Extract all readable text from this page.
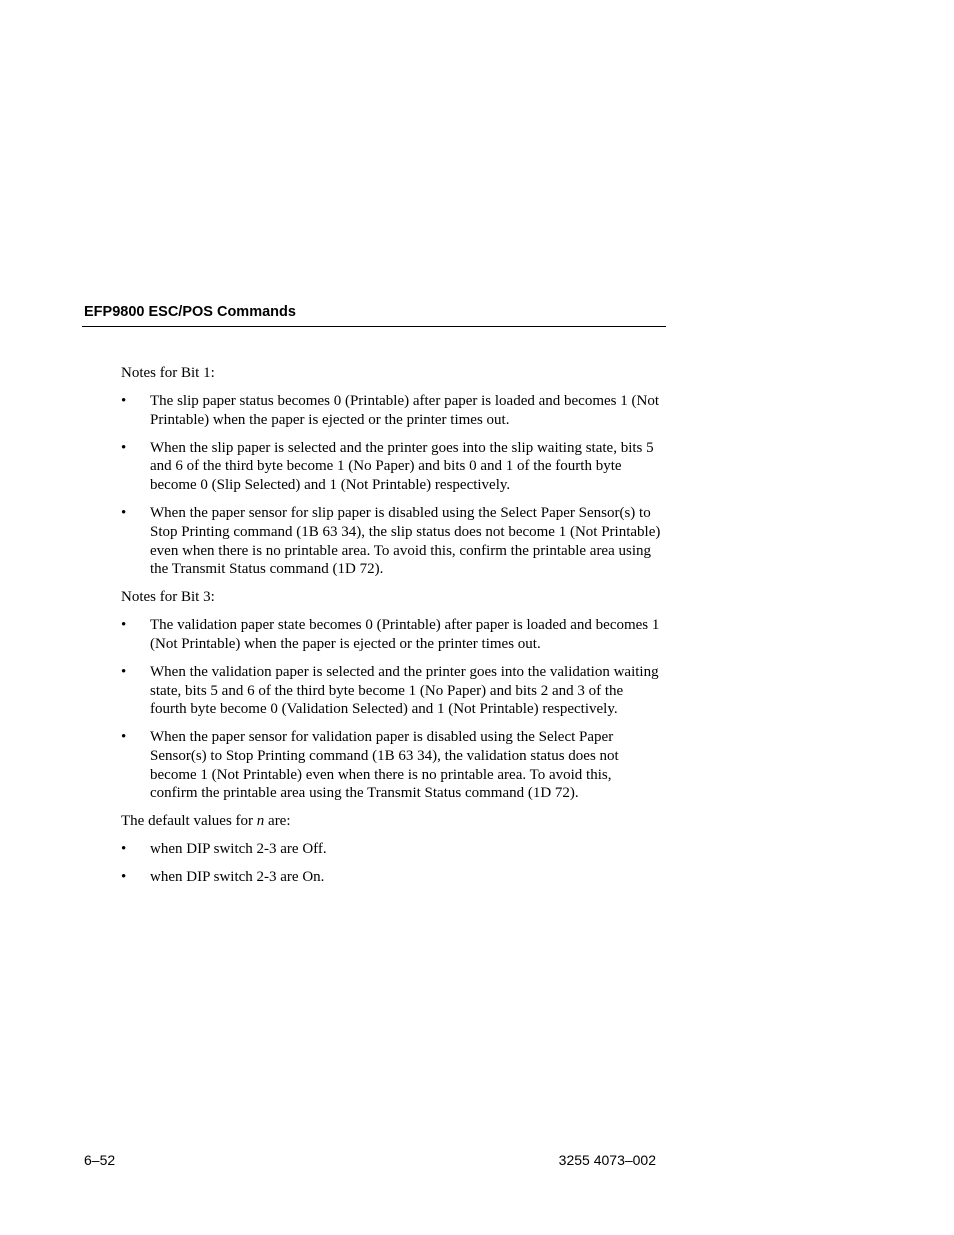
EFP9800 ESC/POS Commands

Notes for Bit 1:

•	The slip paper status becomes 0 (Printable) after paper is loaded and becomes 1 (Not Printable) when the paper is ejected or the printer times out.
•	When the slip paper is selected and the printer goes into the slip waiting state, bits 5 and 6 of the third byte become 1 (No Paper) and bits 0 and 1 of the fourth byte become 0 (Slip Selected) and 1 (Not Printable) respectively.
•	When the paper sensor for slip paper is disabled using the Select Paper Sensor(s) to Stop Printing command (1B 63 34), the slip status does not become 1 (Not Printable) even when there is no printable area. To avoid this, confirm the printable area using the Transmit Status command (1D 72).

Notes for Bit 3:

•	The validation paper state becomes 0 (Printable) after paper is loaded and becomes 1 (Not Printable) when the paper is ejected or the printer times out.
•	When the validation paper is selected and the printer goes into the validation waiting state, bits 5 and 6 of the third byte become 1 (No Paper) and bits 2 and 3 of the fourth byte become 0 (Validation Selected) and 1 (Not Printable) respectively.
•	When the paper sensor for validation paper is disabled using the Select Paper Sensor(s) to Stop Printing command (1B 63 34), the validation status does not become 1 (Not Printable) even when there is no printable area. To avoid this, confirm the printable area using the Transmit Status command (1D 72).

The default values for n are:

•	when DIP switch 2-3 are Off.
•	when DIP switch 2-3 are On.
6–52	3255 4073–002
